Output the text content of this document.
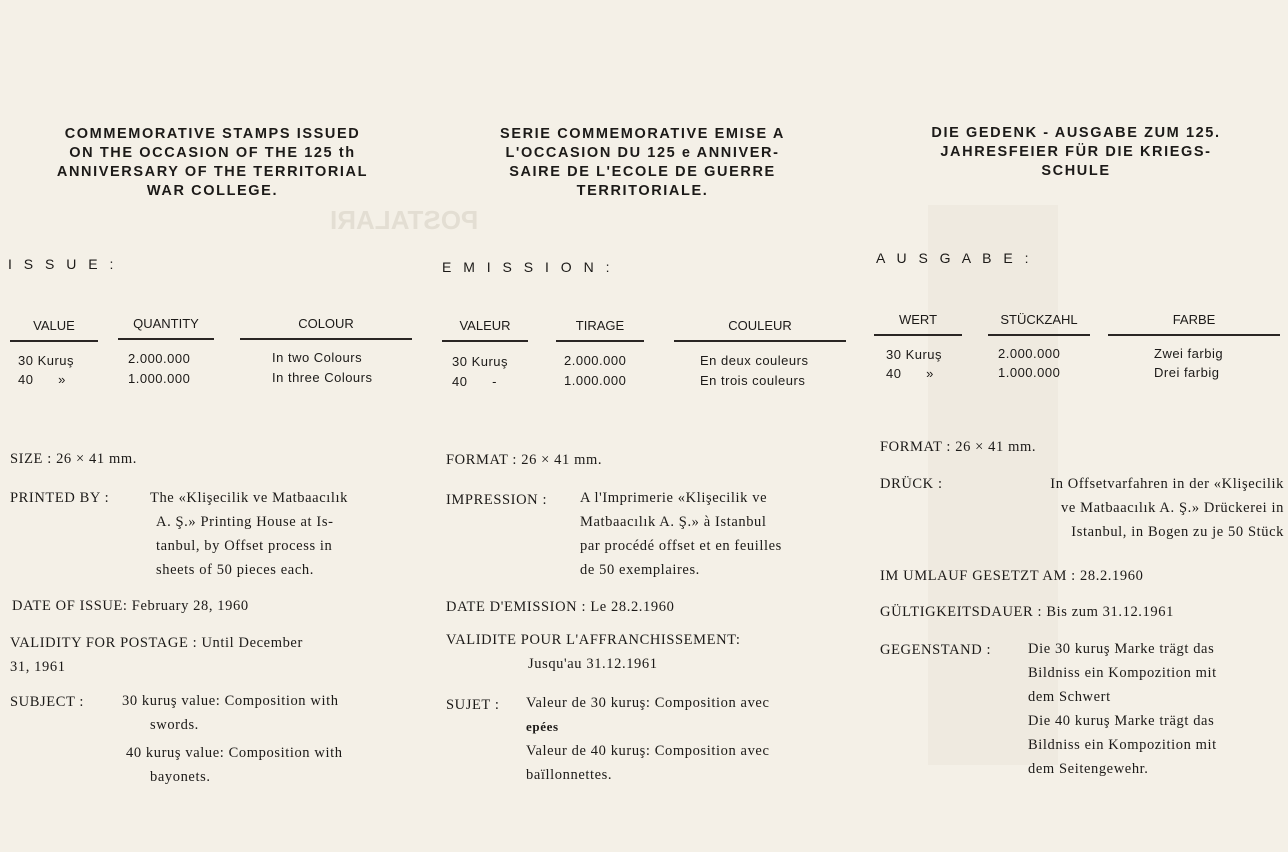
POSTALARI
COMMEMORATIVE STAMPS ISSUED
ON THE OCCASION OF THE 125 th
ANNIVERSARY OF THE TERRITORIAL
WAR COLLEGE.
I S S U E :
VALUE	QUANTITY	COLOUR
30 Kuruş	2.000.000	In two Colours
40      »	1.000.000	In three Colours
SIZE : 26 × 41 mm.
PRINTED BY :	The «Klişecilik ve Matbaacılık
A. Ş.» Printing House at Is-
tanbul, by Offset process in
sheets of 50 pieces each.
DATE OF ISSUE: February 28, 1960
VALIDITY FOR POSTAGE : Until December
31, 1961
SUBJECT :	30 kuruş value: Composition with
swords.
40 kuruş value: Composition with
bayonets.
SERIE COMMEMORATIVE EMISE A
L'OCCASION DU 125 e ANNIVER-
SAIRE DE L'ECOLE DE GUERRE
TERRITORIALE.
E M I S S I O N :
VALEUR	TIRAGE	COULEUR
30 Kuruş	2.000.000	En deux couleurs
40      -	1.000.000	En trois couleurs
FORMAT : 26 × 41 mm.
IMPRESSION : A l'Imprimerie «Klişecilik ve
Matbaacılık A. Ş.» à Istanbul
par procédé offset et en feuilles
de 50 exemplaires.
DATE D'EMISSION : Le 28.2.1960
VALIDITE POUR L'AFFRANCHISSEMENT:
Jusqu'au 31.12.1961
SUJET : Valeur de 30 kuruş: Composition avec
epées
Valeur de 40 kuruş: Composition avec
baïllonnettes.
DIE GEDENK - AUSGABE ZUM 125.
JAHRESFEIER FÜR DIE KRIEGS-
SCHULE
A U S G A B E :
WERT	STÜCKZAHL	FARBE
30 Kuruş	2.000.000	Zwei farbig
40      »	1.000.000	Drei farbig
FORMAT : 26 × 41 mm.
DRÜCK :	In Offsetvarfahren in der «Klişecilik
ve Matbaacılık A. Ş.» Drückerei in
Istanbul, in Bogen zu je 50 Stück
IM UMLAUF GESETZT AM : 28.2.1960
GÜLTIGKEITSDAUER : Bis zum 31.12.1961
GEGENSTAND :	Die 30 kuruş Marke trägt das
Bildniss ein Kompozition mit
dem Schwert
Die 40 kuruş Marke trägt das
Bildniss ein Kompozition mit
dem Seitengewehr.
